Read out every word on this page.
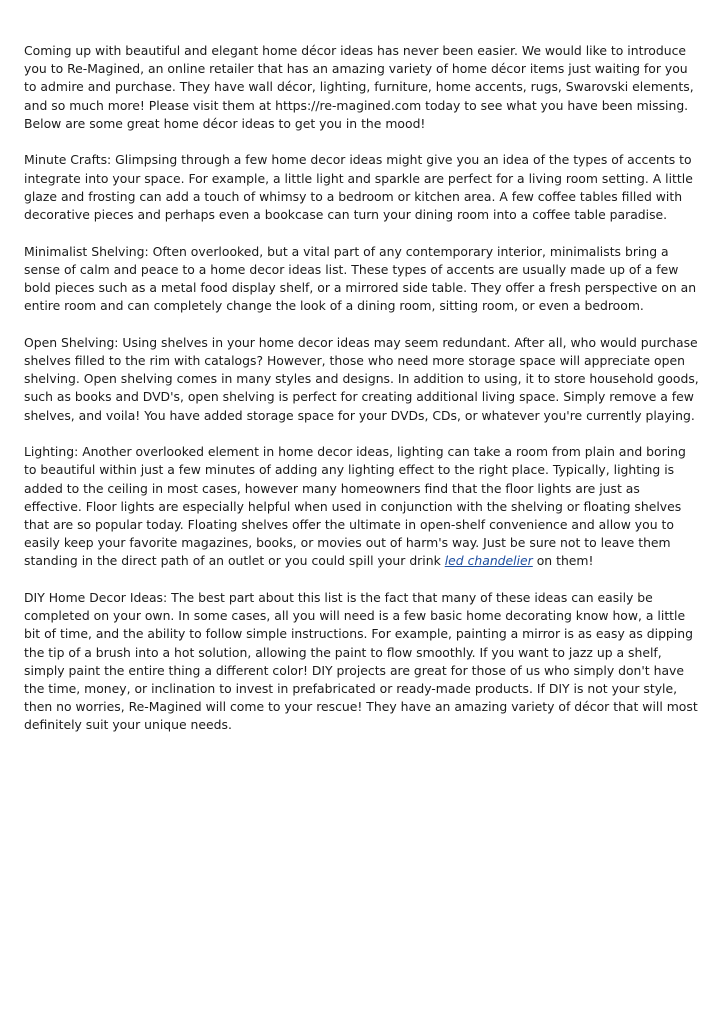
Coming up with beautiful and elegant home décor ideas has never been easier. We would like to introduce you to Re-Magined, an online retailer that has an amazing variety of home décor items just waiting for you to admire and purchase. They have wall décor, lighting, furniture, home accents, rugs, Swarovski elements, and so much more! Please visit them at https://re-magined.com today to see what you have been missing. Below are some great home décor ideas to get you in the mood!

Minute Crafts: Glimpsing through a few home decor ideas might give you an idea of the types of accents to integrate into your space. For example, a little light and sparkle are perfect for a living room setting. A little glaze and frosting can add a touch of whimsy to a bedroom or kitchen area. A few coffee tables filled with decorative pieces and perhaps even a bookcase can turn your dining room into a coffee table paradise.

Minimalist Shelving: Often overlooked, but a vital part of any contemporary interior, minimalists bring a sense of calm and peace to a home decor ideas list. These types of accents are usually made up of a few bold pieces such as a metal food display shelf, or a mirrored side table. They offer a fresh perspective on an entire room and can completely change the look of a dining room, sitting room, or even a bedroom.

Open Shelving: Using shelves in your home decor ideas may seem redundant. After all, who would purchase shelves filled to the rim with catalogs? However, those who need more storage space will appreciate open shelving. Open shelving comes in many styles and designs. In addition to using, it to store household goods, such as books and DVD's, open shelving is perfect for creating additional living space. Simply remove a few shelves, and voila! You have added storage space for your DVDs, CDs, or whatever you're currently playing.

Lighting: Another overlooked element in home decor ideas, lighting can take a room from plain and boring to beautiful within just a few minutes of adding any lighting effect to the right place. Typically, lighting is added to the ceiling in most cases, however many homeowners find that the floor lights are just as effective. Floor lights are especially helpful when used in conjunction with the shelving or floating shelves that are so popular today. Floating shelves offer the ultimate in open-shelf convenience and allow you to easily keep your favorite magazines, books, or movies out of harm's way. Just be sure not to leave them standing in the direct path of an outlet or you could spill your drink led chandelier on them!

DIY Home Decor Ideas: The best part about this list is the fact that many of these ideas can easily be completed on your own. In some cases, all you will need is a few basic home decorating know how, a little bit of time, and the ability to follow simple instructions. For example, painting a mirror is as easy as dipping the tip of a brush into a hot solution, allowing the paint to flow smoothly. If you want to jazz up a shelf, simply paint the entire thing a different color! DIY projects are great for those of us who simply don't have the time, money, or inclination to invest in prefabricated or ready-made products. If DIY is not your style, then no worries, Re-Magined will come to your rescue! They have an amazing variety of décor that will most definitely suit your unique needs.
